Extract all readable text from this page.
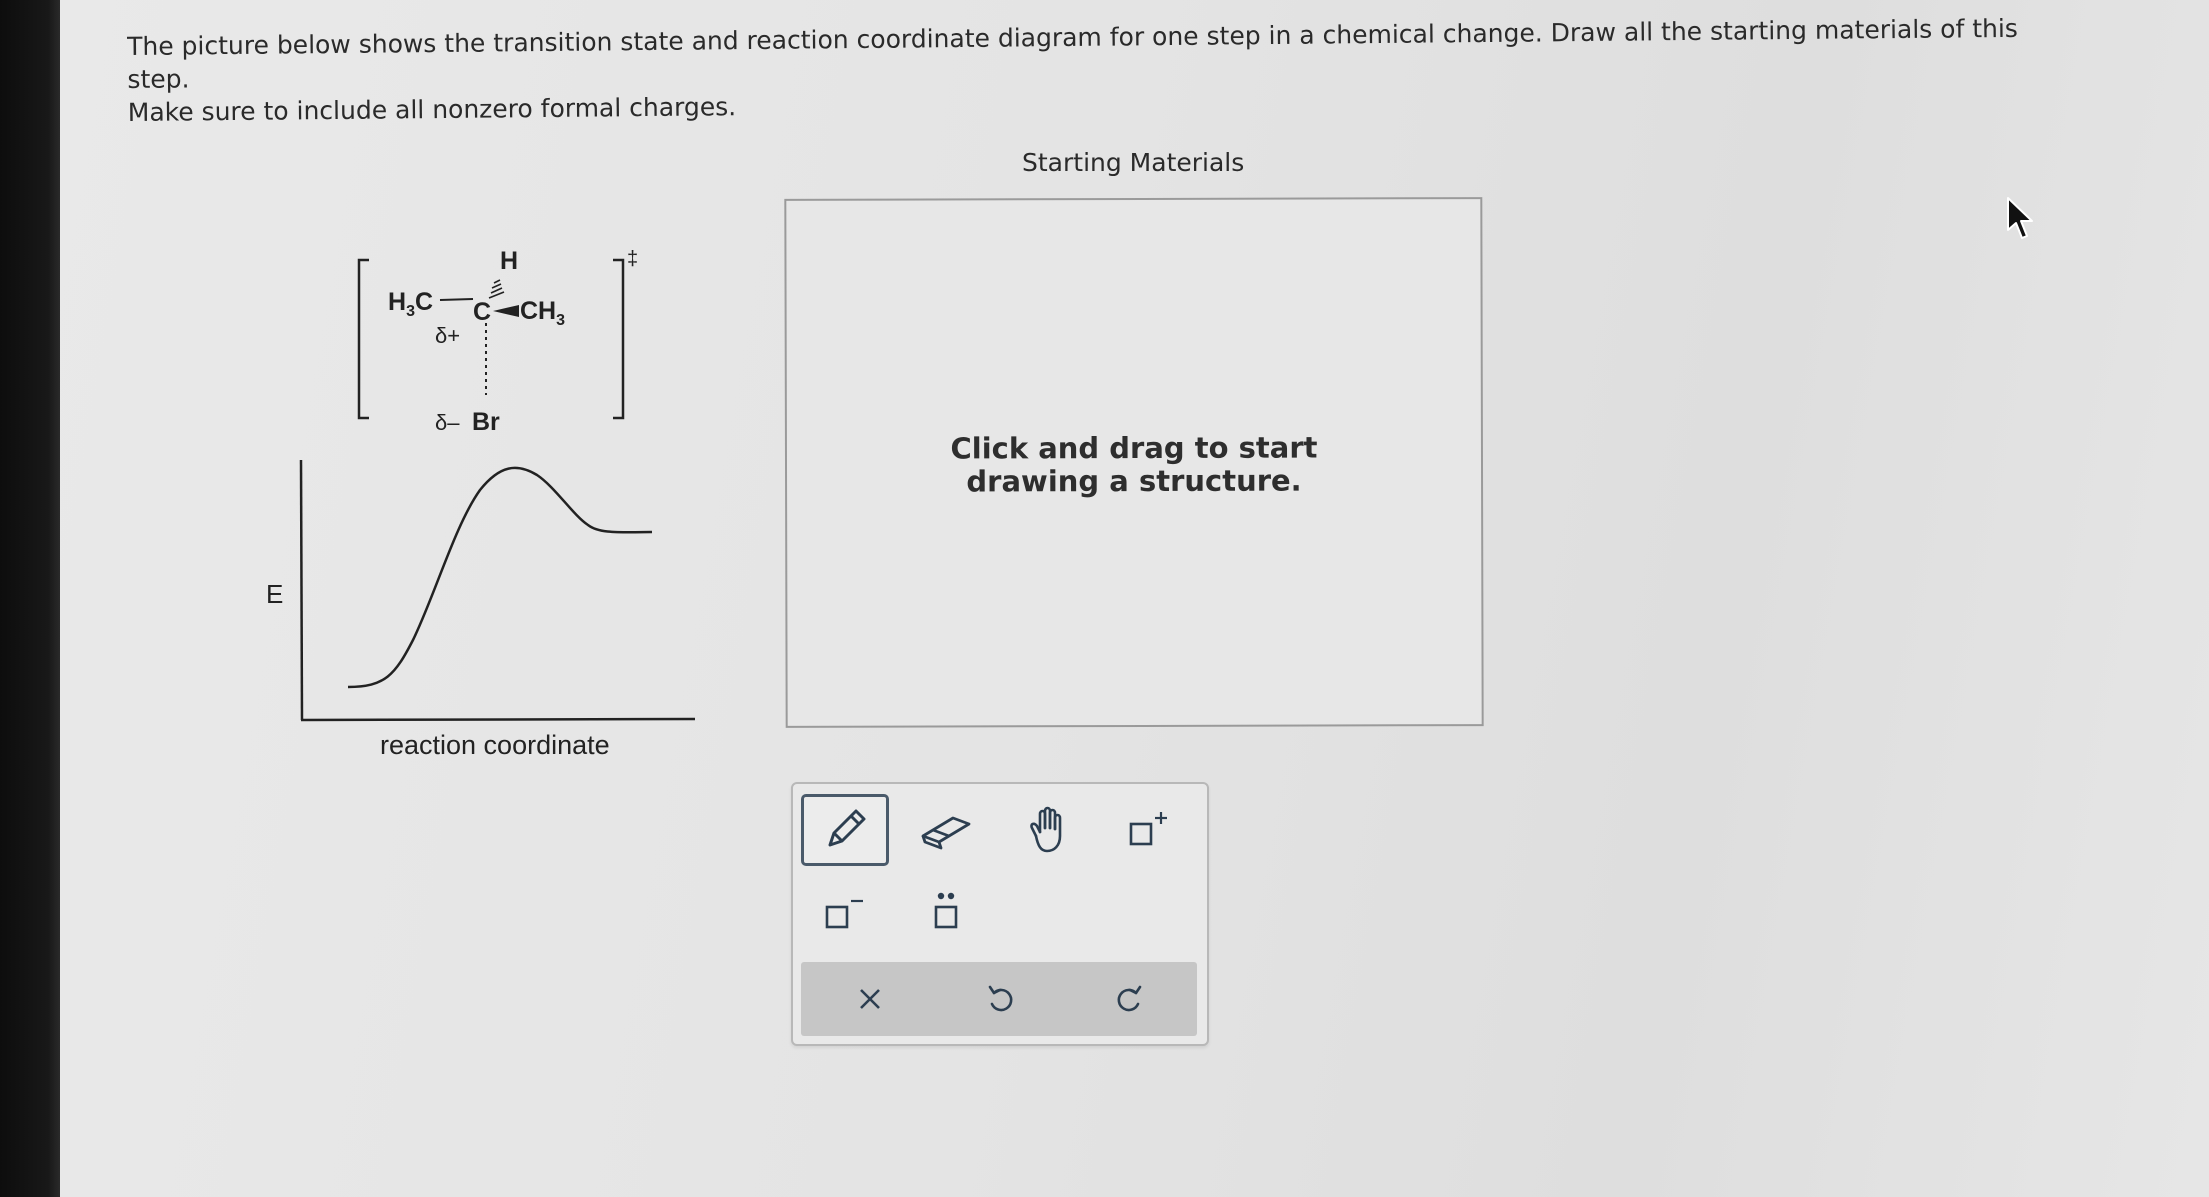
The picture below shows the transition state and reaction coordinate diagram for one step in a chemical change. Draw all the starting materials of this step.

Make sure to include all nonzero formal charges.

‡
H
$H_3C$ C $CH_3$
δ+
δ– Br
E
reaction coordinate
Starting Materials
Click and drag to start
drawing a structure.
